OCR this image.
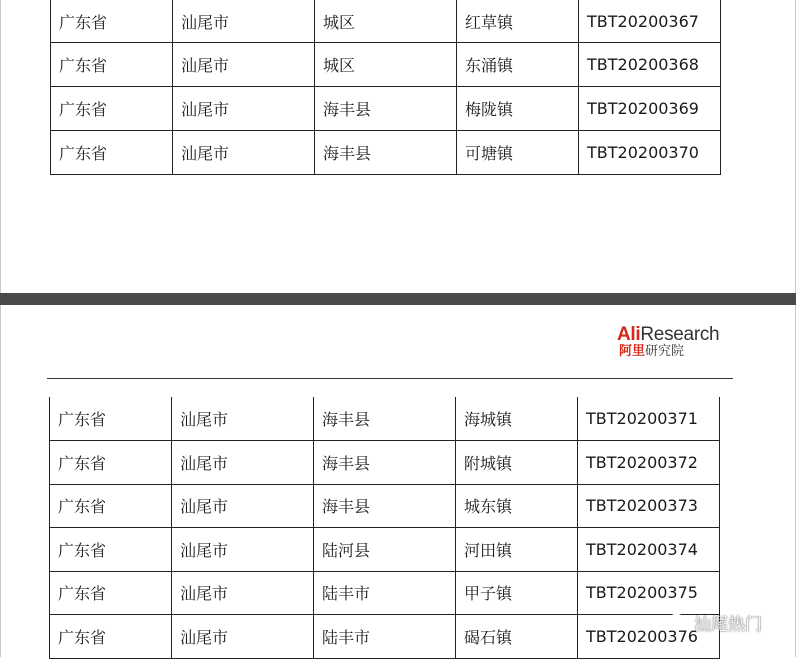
广东省	汕尾市	城区	红草镇	TBT20200367
广东省	汕尾市	城区	东涌镇	TBT20200368
广东省	汕尾市	海丰县	梅陇镇	TBT20200369
广东省	汕尾市	海丰县	可塘镇	TBT20200370
AliResearch
阿里研究院
广东省	汕尾市	海丰县	海城镇	TBT20200371
广东省	汕尾市	海丰县	附城镇	TBT20200372
广东省	汕尾市	海丰县	城东镇	TBT20200373
广东省	汕尾市	陆河县	河田镇	TBT20200374
广东省	汕尾市	陆丰市	甲子镇	TBT20200375
广东省	汕尾市	陆丰市	碣石镇	TBT20200376
汕尾热门
